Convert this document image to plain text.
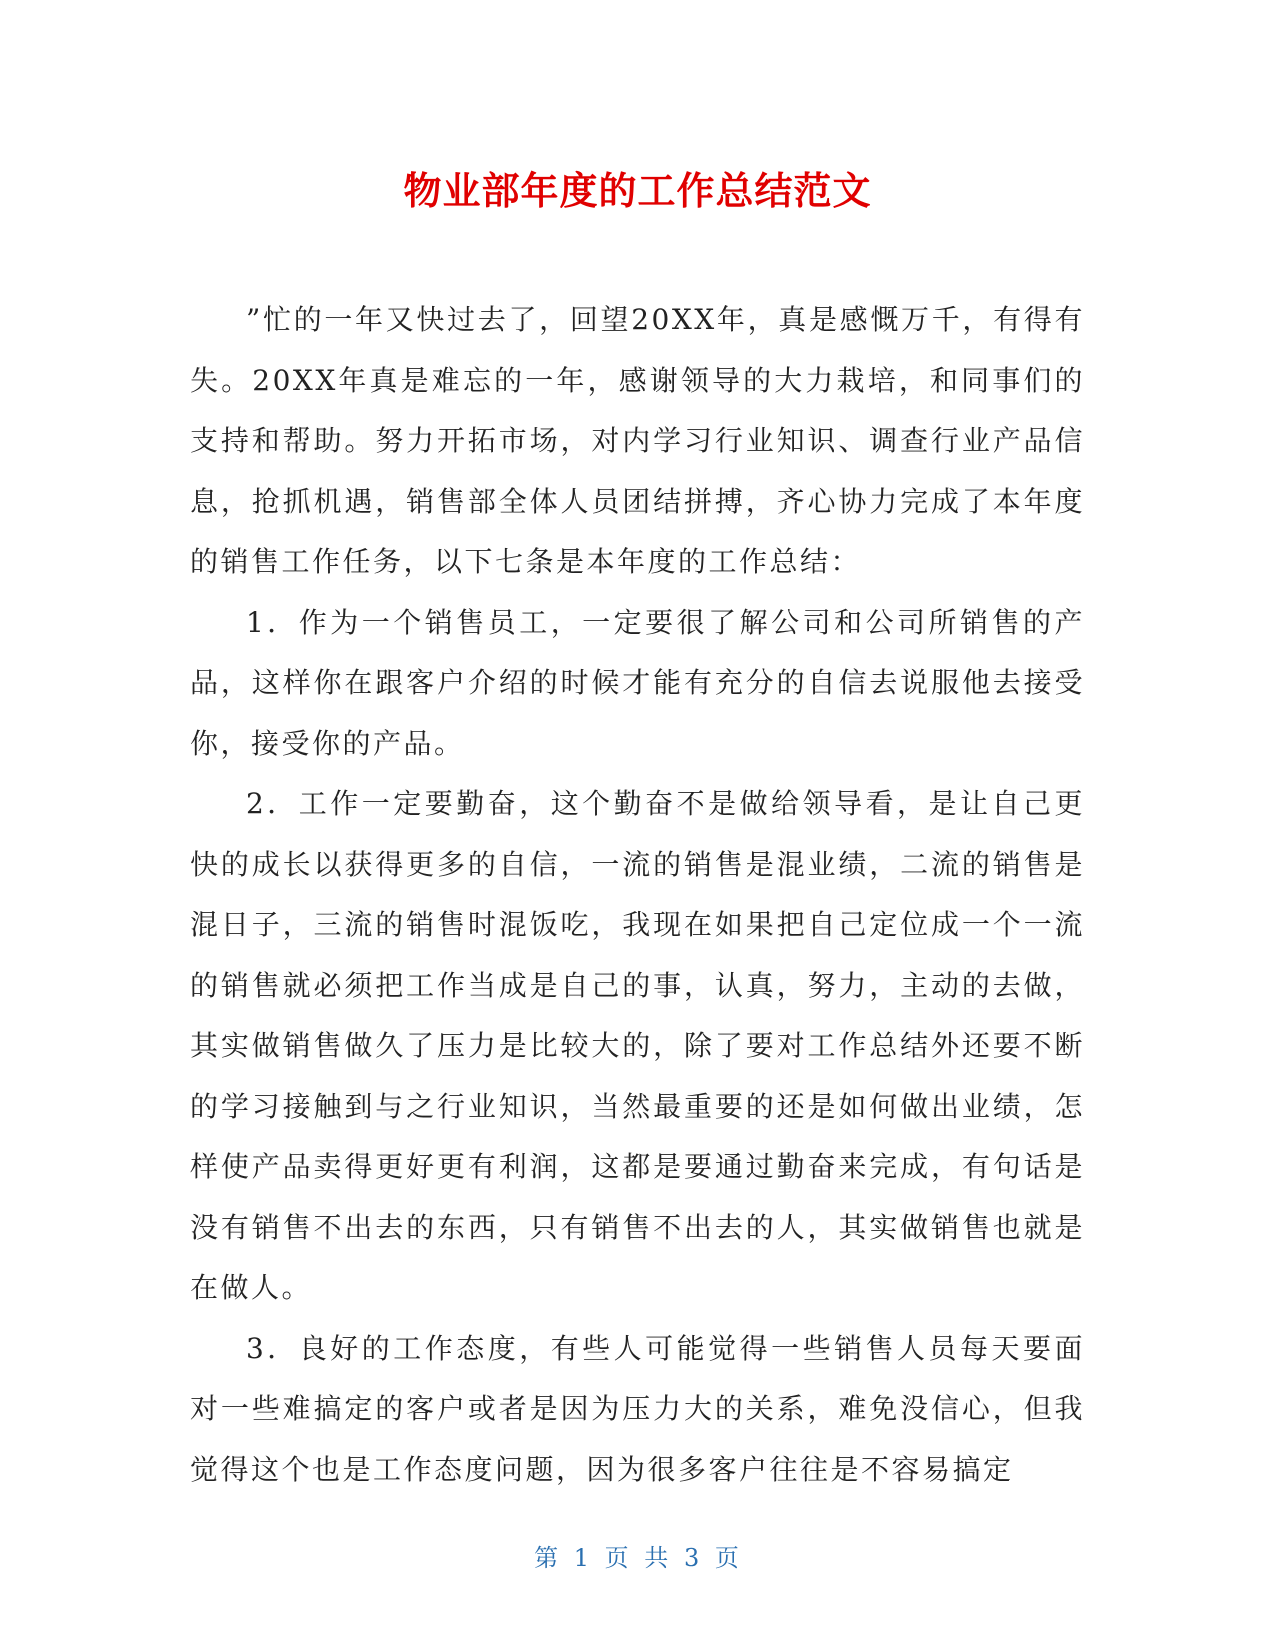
物业部年度的工作总结范文

”忙的一年又快过去了，回望20XX年，真是感慨万千，有得有失。20XX年真是难忘的一年，感谢领导的大力栽培，和同事们的支持和帮助。努力开拓市场，对内学习行业知识、调查行业产品信息，抢抓机遇，销售部全体人员团结拼搏，齐心协力完成了本年度的销售工作任务，以下七条是本年度的工作总结：

1．作为一个销售员工，一定要很了解公司和公司所销售的产品，这样你在跟客户介绍的时候才能有充分的自信去说服他去接受你，接受你的产品。

2．工作一定要勤奋，这个勤奋不是做给领导看，是让自己更快的成长以获得更多的自信，一流的销售是混业绩，二流的销售是混日子，三流的销售时混饭吃，我现在如果把自己定位成一个一流的销售就必须把工作当成是自己的事，认真，努力，主动的去做，其实做销售做久了压力是比较大的，除了要对工作总结外还要不断的学习接触到与之行业知识，当然最重要的还是如何做出业绩，怎样使产品卖得更好更有利润，这都是要通过勤奋来完成，有句话是没有销售不出去的东西，只有销售不出去的人，其实做销售也就是在做人。

3．良好的工作态度，有些人可能觉得一些销售人员每天要面对一些难搞定的客户或者是因为压力大的关系，难免没信心，但我觉得这个也是工作态度问题，因为很多客户往往是不容易搞定

第 1 页 共 3 页
